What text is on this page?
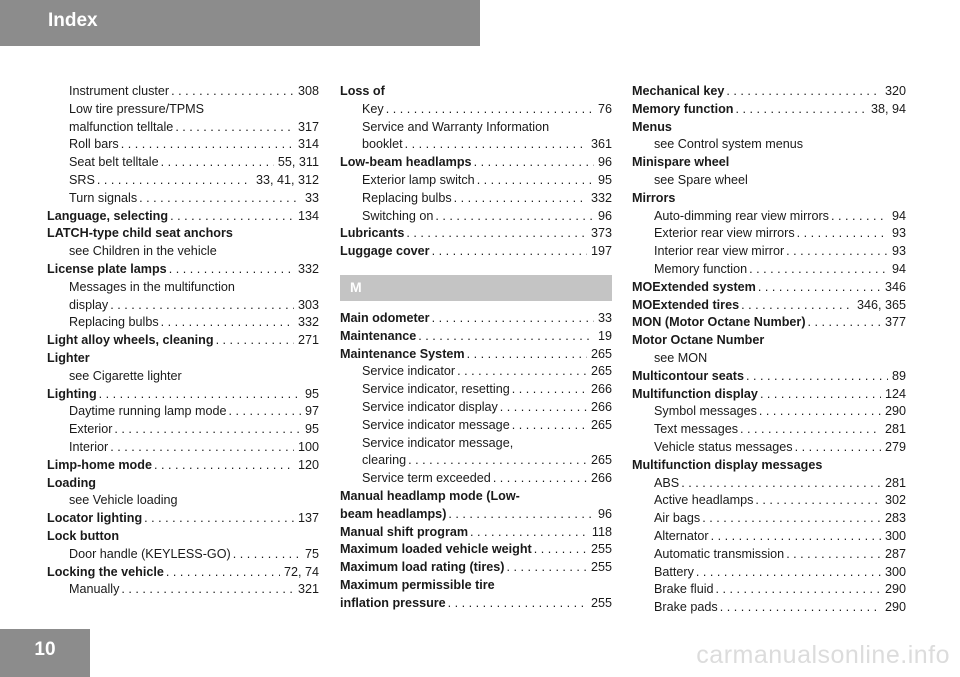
Index
Instrument cluster . . .	308
Low tire pressure/TPMS
malfunction telltale . . .	317
Roll bars . . .	314
Seat belt telltale . . .	55, 311
SRS . . .	33, 41, 312
Turn signals . . .	33
Language, selecting . . .	134
LATCH-type child seat anchors
see Children in the vehicle
License plate lamps . . .	332
Messages in the multifunction
display . . .	303
Replacing bulbs . . .	332
Light alloy wheels, cleaning . . .	271
Lighter
see Cigarette lighter
Lighting . . .	95
Daytime running lamp mode . . .	97
Exterior . . .	95
Interior . . .	100
Limp-home mode . . .	120
Loading
see Vehicle loading
Locator lighting . . .	137
Lock button
Door handle (KEYLESS-GO) . . .	75
Locking the vehicle . . .	72, 74
Manually . . .	321
Loss of
Key . . .	76
Service and Warranty Information
booklet . . .	361
Low-beam headlamps . . .	96
Exterior lamp switch . . .	95
Replacing bulbs . . .	332
Switching on . . .	96
Lubricants . . .	373
Luggage cover . . .	197
M
Main odometer . . .	33
Maintenance . . .	19
Maintenance System . . .	265
Service indicator . . .	265
Service indicator, resetting . . .	266
Service indicator display . . .	266
Service indicator message . . .	265
Service indicator message,
clearing . . .	265
Service term exceeded . . .	266
Manual headlamp mode (Low-
beam headlamps) . . .	96
Manual shift program . . .	118
Maximum loaded vehicle weight . . .	255
Maximum load rating (tires) . . .	255
Maximum permissible tire
inflation pressure . . .	255
Mechanical key . . .	320
Memory function . . .	38, 94
Menus
see Control system menus
Minispare wheel
see Spare wheel
Mirrors
Auto-dimming rear view mirrors . . .	94
Exterior rear view mirrors . . .	93
Interior rear view mirror . . .	93
Memory function . . .	94
MOExtended system . . .	346
MOExtended tires . . .	346, 365
MON (Motor Octane Number) . . .	377
Motor Octane Number
see MON
Multicontour seats . . .	89
Multifunction display . . .	124
Symbol messages . . .	290
Text messages . . .	281
Vehicle status messages . . .	279
Multifunction display messages
ABS . . .	281
Active headlamps . . .	302
Air bags . . .	283
Alternator . . .	300
Automatic transmission . . .	287
Battery . . .	300
Brake fluid . . .	290
Brake pads . . .	290
10	carmanualsonline.info
